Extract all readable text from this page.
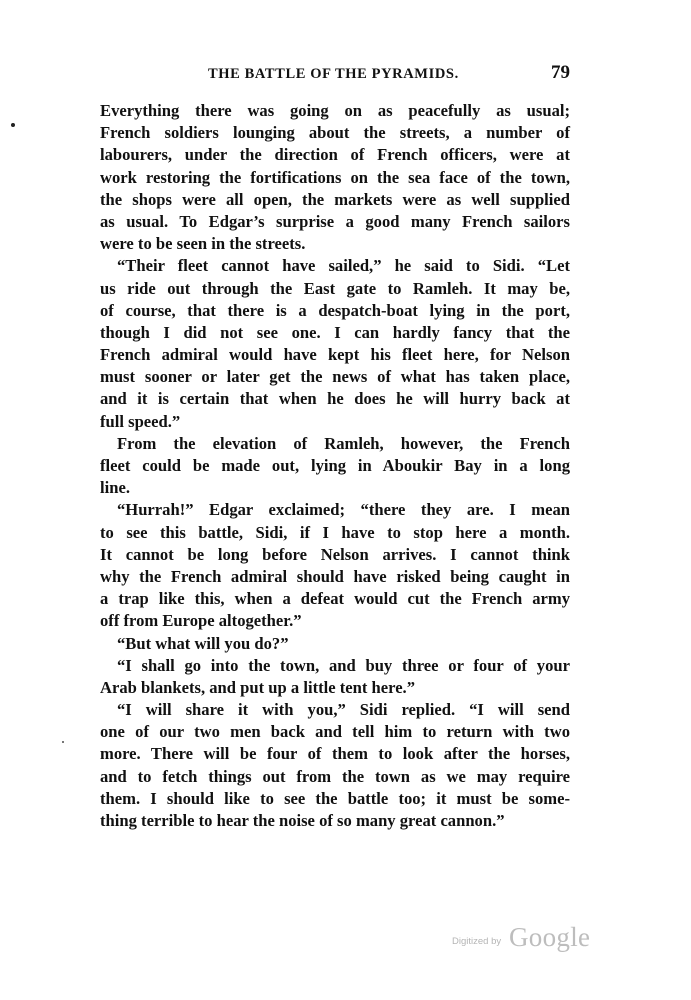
THE BATTLE OF THE PYRAMIDS.	79
Everything there was going on as peacefully as usual;
French soldiers lounging about the streets, a number of
labourers, under the direction of French officers, were at
work restoring the fortifications on the sea face of the town,
the shops were all open, the markets were as well supplied
as usual. To Edgar’s surprise a good many French sailors
were to be seen in the streets.
“Their fleet cannot have sailed,” he said to Sidi. “Let
us ride out through the East gate to Ramleh. It may be,
of course, that there is a despatch-boat lying in the port,
though I did not see one. I can hardly fancy that the
French admiral would have kept his fleet here, for Nelson
must sooner or later get the news of what has taken place,
and it is certain that when he does he will hurry back at
full speed.”
From the elevation of Ramleh, however, the French
fleet could be made out, lying in Aboukir Bay in a long
line.
“Hurrah!” Edgar exclaimed; “there they are. I mean
to see this battle, Sidi, if I have to stop here a month.
It cannot be long before Nelson arrives. I cannot think
why the French admiral should have risked being caught in
a trap like this, when a defeat would cut the French army
off from Europe altogether.”
“But what will you do?”
“I shall go into the town, and buy three or four of your
Arab blankets, and put up a little tent here.”
“I will share it with you,” Sidi replied. “I will send
one of our two men back and tell him to return with two
more. There will be four of them to look after the horses,
and to fetch things out from the town as we may require
them. I should like to see the battle too; it must be some-
thing terrible to hear the noise of so many great cannon.”
Digitized by Google
